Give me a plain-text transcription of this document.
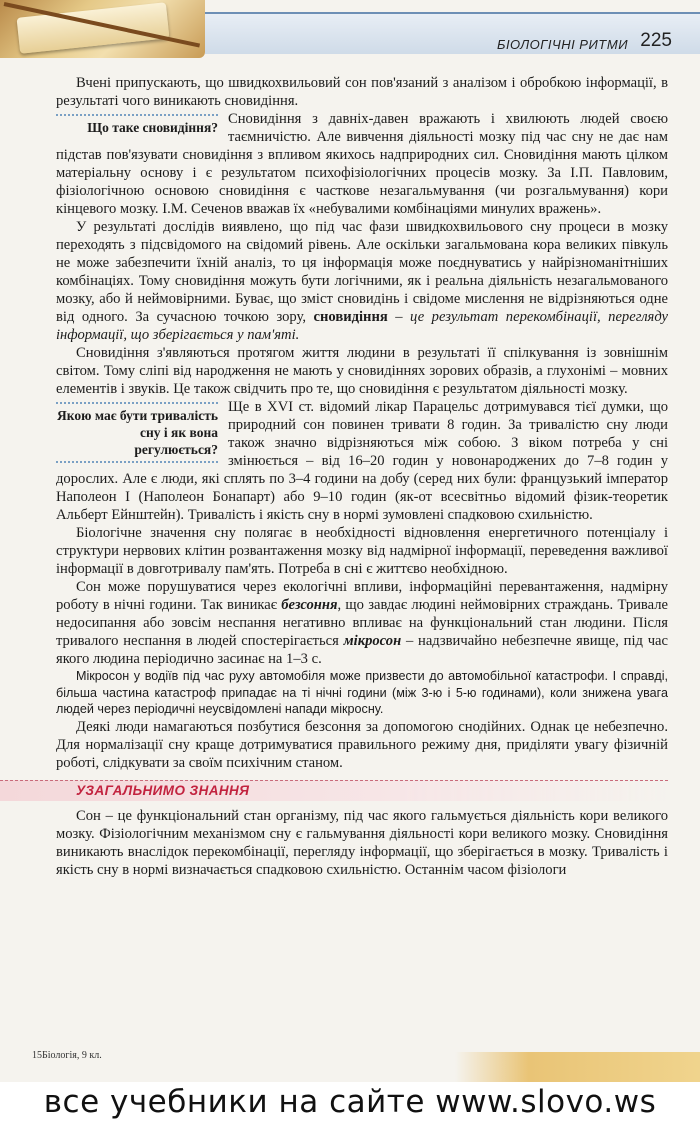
БІОЛОГІЧНІ РИТМИ 225

Вчені припускають, що швидкохвильовий сон пов'язаний з аналізом і обробкою інформації, в результаті чого виникають сновидіння.

Що таке сновидіння?

Сновидіння з давніх-давен вражають і хвилюють людей своєю таємничістю. Але вивчення діяльності мозку під час сну не дає нам підстав пов'язувати сновидіння з впливом якихось надприродних сил. Сновидіння мають цілком матеріальну основу і є результатом психофізіологічних процесів мозку. За І.П. Павловим, фізіологічною основою сновидіння є часткове незагальмування (чи розгальмування) кори кінцевого мозку. І.М. Сеченов вважав їх «небувалими комбінаціями минулих вражень».

У результаті дослідів виявлено, що під час фази швидкохвильового сну процеси в мозку переходять з підсвідомого на свідомий рівень. Але оскільки загальмована кора великих півкуль не може забезпечити їхній аналіз, то ця інформація може поєднуватись у найрізноманітніших комбінаціях. Тому сновидіння можуть бути логічними, як і реальна діяльність незагальмованого мозку, або й неймовірними. Буває, що зміст сновидінь і свідоме мислення не відрізняються одне від одного. За сучасною точкою зору, сновидіння – це результат перекомбінації, перегляду інформації, що зберігається у пам'яті.

Сновидіння з'являються протягом життя людини в результаті її спілкування із зовнішнім світом. Тому сліпі від народження не мають у сновидіннях зорових образів, а глухонімі – мовних елементів і звуків. Це також свідчить про те, що сновидіння є результатом діяльності мозку.

Якою має бути тривалість сну і як вона регулюється?

Ще в XVI ст. відомий лікар Парацельс дотримувався тієї думки, що природний сон повинен тривати 8 годин. За тривалістю сну люди також значно відрізняються між собою. З віком потреба у сні змінюється – від 16–20 годин у новонароджених до 7–8 годин у дорослих. Але є люди, які сплять по 3–4 години на добу (серед них були: французький імператор Наполеон І (Наполеон Бонапарт) або 9–10 годин (як-от всесвітньо відомий фізик-теоретик Альберт Ейнштейн). Тривалість і якість сну в нормі зумовлені спадковою схильністю.

Біологічне значення сну полягає в необхідності відновлення енергетичного потенціалу і структури нервових клітин розвантаження мозку від надмірної інформації, переведення важливої інформації в довготривалу пам'ять. Потреба в сні є життєво необхідною.

Сон може порушуватися через екологічні впливи, інформаційні перевантаження, надмірну роботу в нічні години. Так виникає безсоння, що завдає людині неймовірних страждань. Тривале недосипання або зовсім неспання негативно впливає на функціональний стан людини. Після тривалого неспання в людей спостерігається мікросон – надзвичайно небезпечне явище, під час якого людина періодично засинає на 1–3 с.

Мікросон у водіїв під час руху автомобіля може призвести до автомобільної катастрофи. І справді, більша частина катастроф припадає на ті нічні години (між 3-ю і 5-ю годинами), коли знижена увага людей через періодичні неусвідомлені напади мікросну.

Деякі люди намагаються позбутися безсоння за допомогою снодійних. Однак це небезпечно. Для нормалізації сну краще дотримуватися правильного режиму дня, приділяти увагу фізичній роботі, слідкувати за своїм психічним станом.

УЗАГАЛЬНИМО ЗНАННЯ

Сон – це функціональний стан організму, під час якого гальмується діяльність кори великого мозку. Фізіологічним механізмом сну є гальмування діяльності кори великого мозку. Сновидіння виникають внаслідок перекомбінації, перегляду інформації, що зберігається в мозку. Тривалість і якість сну в нормі визначається спадковою схильністю. Останнім часом фізіологи

15Біологія, 9 кл.
все учебники на сайте www.slovo.ws
